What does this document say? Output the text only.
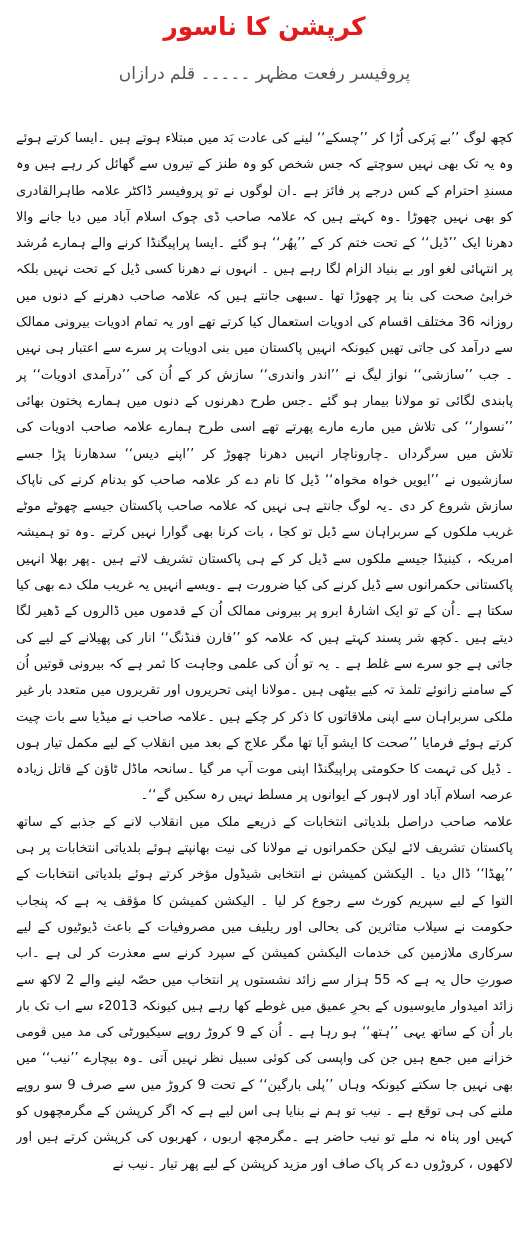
کرپشن کا ناسور
پروفیسر رفعت مظہر ۔۔۔۔۔ قلم درازاں

کچھ لوگ ’’بے پَرکی اُڑا کر ’’چسکے‘‘ لینے کی عادت بَد میں مبتلاء ہوتے ہیں ۔ایسا کرتے ہوئے وہ یہ تک بھی نہیں سوچتے کہ جس شخص کو وہ طنز کے تیروں سے گھائل کر رہے ہیں وہ مسندِ احترام کے کس درجے پر فائز ہے ۔ان لوگوں نے تو پروفیسر ڈاکٹر علامہ طاہرالقادری کو بھی نہیں چھوڑا ۔وہ کہتے ہیں کہ علامہ صاحب ڈی چوک اسلام آباد میں دیا جانے والا دھرنا ایک ’’ڈیل‘‘ کے تحت ختم کر کے ’’پھُر‘‘ ہو گئے ۔ایسا پراپیگنڈا کرنے والے ہمارے مُرشد پر انتہائی لغو اور بے بنیاد الزام لگا رہے ہیں ۔ انہوں نے دھرنا کسی ڈیل کے تحت نہیں بلکہ خرابیٔ صحت کی بنا پر چھوڑا تھا ۔سبھی جانتے ہیں کہ علامہ صاحب دھرنے کے دنوں میں روزانہ 36 مختلف اقسام کی ادویات استعمال کیا کرتے تھے اور یہ تمام ادویات بیرونی ممالک سے درآمد کی جاتی تھیں کیونکہ انہیں پاکستان میں بنی ادویات پر سرے سے اعتبار ہی نہیں ۔ جب ’’سازشی‘‘ نواز لیگ نے ’’اندر واندری‘‘ سازش کر کے اُن کی ’’درآمدی ادویات‘‘ پر پابندی لگائی تو مولانا بیمار ہو گئے ۔جس طرح دھرنوں کے دنوں میں ہمارے پختون بھائی ’’نسوار‘‘ کی تلاش میں مارے مارے پھرتے تھے اسی طرح ہمارے علامہ صاحب ادویات کی تلاش میں سرگرداں ۔چاروناچار انہیں دھرنا چھوڑ کر ’’اپنے دیس‘‘ سدھارنا پڑا جسے سازشیوں نے ’’ایویں خواہ مخواہ‘‘ ڈیل کا نام دے کر علامہ صاحب کو بدنام کرنے کی ناپاک سازش شروع کر دی ۔یہ لوگ جانتے ہی نہیں کہ علامہ صاحب پاکستان جیسے چھوٹے موٹے غریب ملکوں کے سربراہان سے ڈیل تو کجا ، بات کرنا بھی گوارا نہیں کرتے ۔وہ تو ہمیشہ امریکہ ، کینیڈا جیسے ملکوں سے ڈیل کر کے ہی پاکستان تشریف لاتے ہیں ۔پھر بھلا انہیں پاکستانی حکمرانوں سے ڈیل کرنے کی کیا ضرورت ہے ۔ویسے انہیں یہ غریب ملک دے بھی کیا سکتا ہے ۔اُن کے تو ایک اشارۂ ابرو پر بیرونی ممالک اُن کے قدموں میں ڈالروں کے ڈھیر لگا دیتے ہیں ۔کچھ شر پسند کہتے ہیں کہ علامہ کو ’’فارن فنڈنگ‘‘ انار کی پھیلانے کے لیے کی جاتی ہے جو سرے سے غلط ہے ۔ یہ تو اُن کی علمی وجاہت کا ثمر ہے کہ بیرونی قوتیں اُن کے سامنے زانوئے تلمذ تہ کیے بیٹھی ہیں ۔مولانا اپنی تحریروں اور تقریروں میں متعدد بار غیر ملکی سربراہان سے اپنی ملاقاتوں کا ذکر کر چکے ہیں ۔علامہ صاحب نے میڈیا سے بات چیت کرتے ہوئے فرمایا ’’صحت کا ایشو آیا تھا مگر علاج کے بعد میں انقلاب کے لیے مکمل تیار ہوں ۔ ڈیل کی تہمت کا حکومتی پراپیگنڈا اپنی موت آپ مر گیا ۔سانحہ ماڈل ٹاؤن کے قاتل زیادہ عرصہ اسلام آباد اور لاہور کے ایوانوں پر مسلط نہیں رہ سکیں گے‘‘۔

علامہ صاحب دراصل بلدیاتی انتخابات کے ذریعے ملک میں انقلاب لانے کے جذبے کے ساتھ پاکستان تشریف لائے لیکن حکمرانوں نے مولانا کی نیت بھانپتے ہوئے بلدیاتی انتخابات پر ہی ’’پھڈا‘‘ ڈال دیا ۔ الیکشن کمیشن نے انتخابی شیڈول مؤخر کرتے ہوئے بلدیاتی انتخابات کے التوا کے لیے سپریم کورٹ سے رجوع کر لیا ۔ الیکشن کمیشن کا مؤقف یہ ہے کہ پنجاب حکومت نے سیلاب متاثرین کی بحالی اور ریلیف میں مصروفیات کے باعث ڈیوٹیوں کے لیے سرکاری ملازمین کی خدمات الیکشن کمیشن کے سپرد کرنے سے معذرت کر لی ہے ۔اب صورتِ حال یہ ہے کہ 55 ہزار سے زائد نشستوں پر انتخاب میں حصّہ لینے والے 2 لاکھ سے زائد امیدوار مایوسیوں کے بحرِ عمیق میں غوطے کھا رہے ہیں کیونکہ 2013ء سے اب تک بار بار اُن کے ساتھ یہی ’’ہتھ‘‘ ہو رہا ہے ۔ اُن کے 9 کروڑ روپے سیکیورٹی کی مد میں قومی خزانے میں جمع ہیں جن کی واپسی کی کوئی سبیل نظر نہیں آتی ۔وہ بیچارے ’’نیب‘‘ میں بھی نہیں جا سکتے کیونکہ وہاں ’’پلی بارگین‘‘ کے تحت 9 کروڑ میں سے صرف 9 سو روپے ملنے کی ہی توقع ہے ۔ نیب تو ہم نے بنایا ہی اس لیے ہے کہ اگر کرپشن کے مگرمچھوں کو کہیں اور پناہ نہ ملے تو نیب حاضر ہے ۔مگرمچھ اربوں ، کھربوں کی کرپشن کرتے ہیں اور لاکھوں ، کروڑوں دے کر پاک صاف اور مزید کرپشن کے لیے پھر تیار ۔نیب نے
